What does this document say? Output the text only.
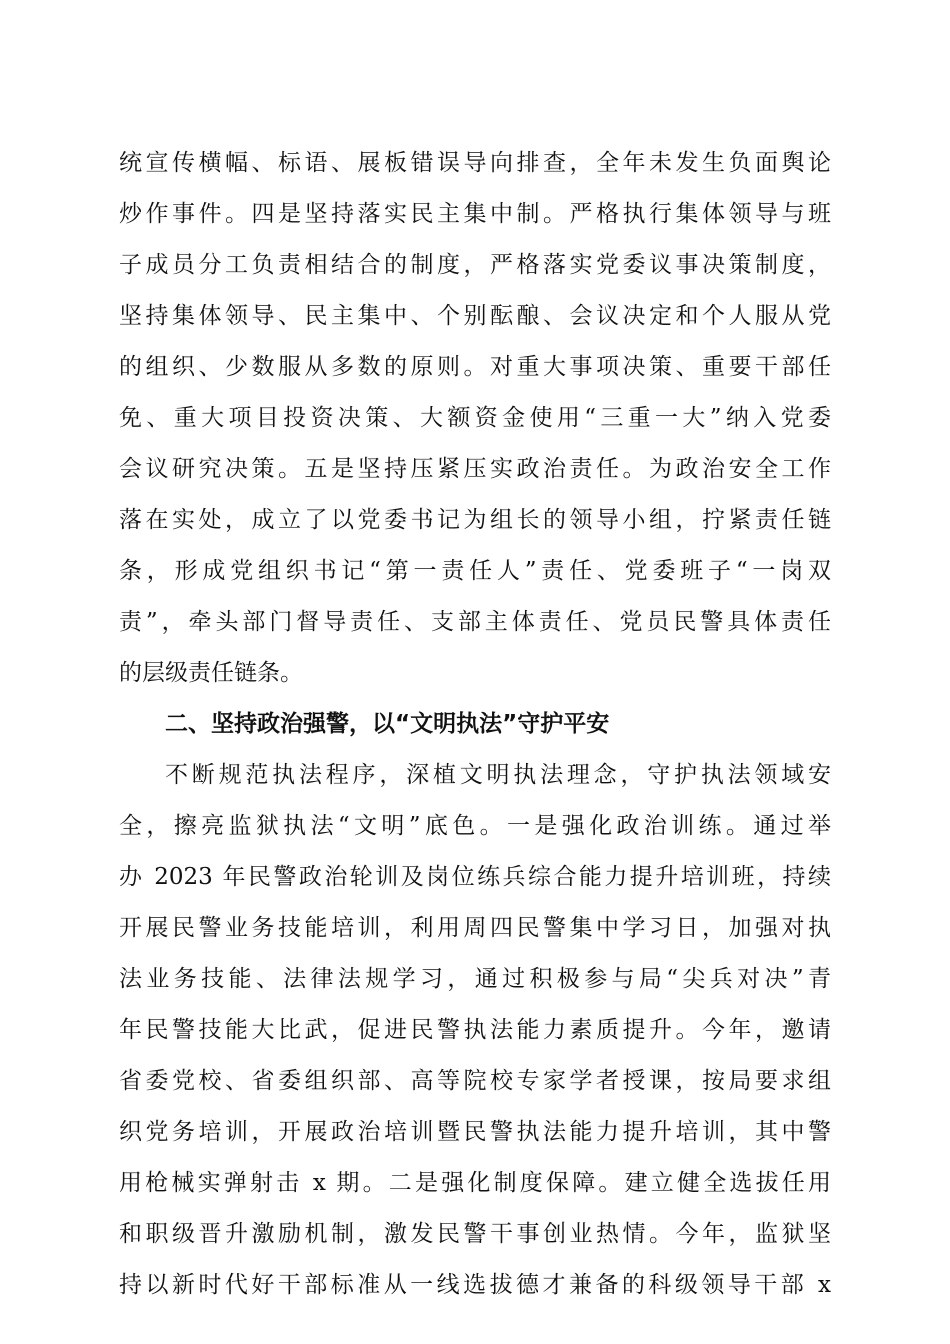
统宣传横幅、标语、展板错误导向排查，全年未发生负面舆论
炒作事件。四是坚持落实民主集中制。严格执行集体领导与班
子成员分工负责相结合的制度，严格落实党委议事决策制度，
坚持集体领导、民主集中、个别酝酿、会议决定和个人服从党
的组织、少数服从多数的原则。对重大事项决策、重要干部任
免、重大项目投资决策、大额资金使用“三重一大”纳入党委
会议研究决策。五是坚持压紧压实政治责任。为政治安全工作
落在实处，成立了以党委书记为组长的领导小组，拧紧责任链
条，形成党组织书记“第一责任人”责任、党委班子“一岗双
责”，牵头部门督导责任、支部主体责任、党员民警具体责任
的层级责任链条。
二、坚持政治强警，以“文明执法”守护平安
不断规范执法程序，深植文明执法理念，守护执法领域安
全，擦亮监狱执法“文明”底色。一是强化政治训练。通过举
办 2023 年民警政治轮训及岗位练兵综合能力提升培训班，持续
开展民警业务技能培训，利用周四民警集中学习日，加强对执
法业务技能、法律法规学习，通过积极参与局“尖兵对决”青
年民警技能大比武，促进民警执法能力素质提升。今年，邀请
省委党校、省委组织部、高等院校专家学者授课，按局要求组
织党务培训，开展政治培训暨民警执法能力提升培训，其中警
用枪械实弹射击 x 期。二是强化制度保障。建立健全选拔任用
和职级晋升激励机制，激发民警干事创业热情。今年，监狱坚
持以新时代好干部标准从一线选拔德才兼备的科级领导干部 x
